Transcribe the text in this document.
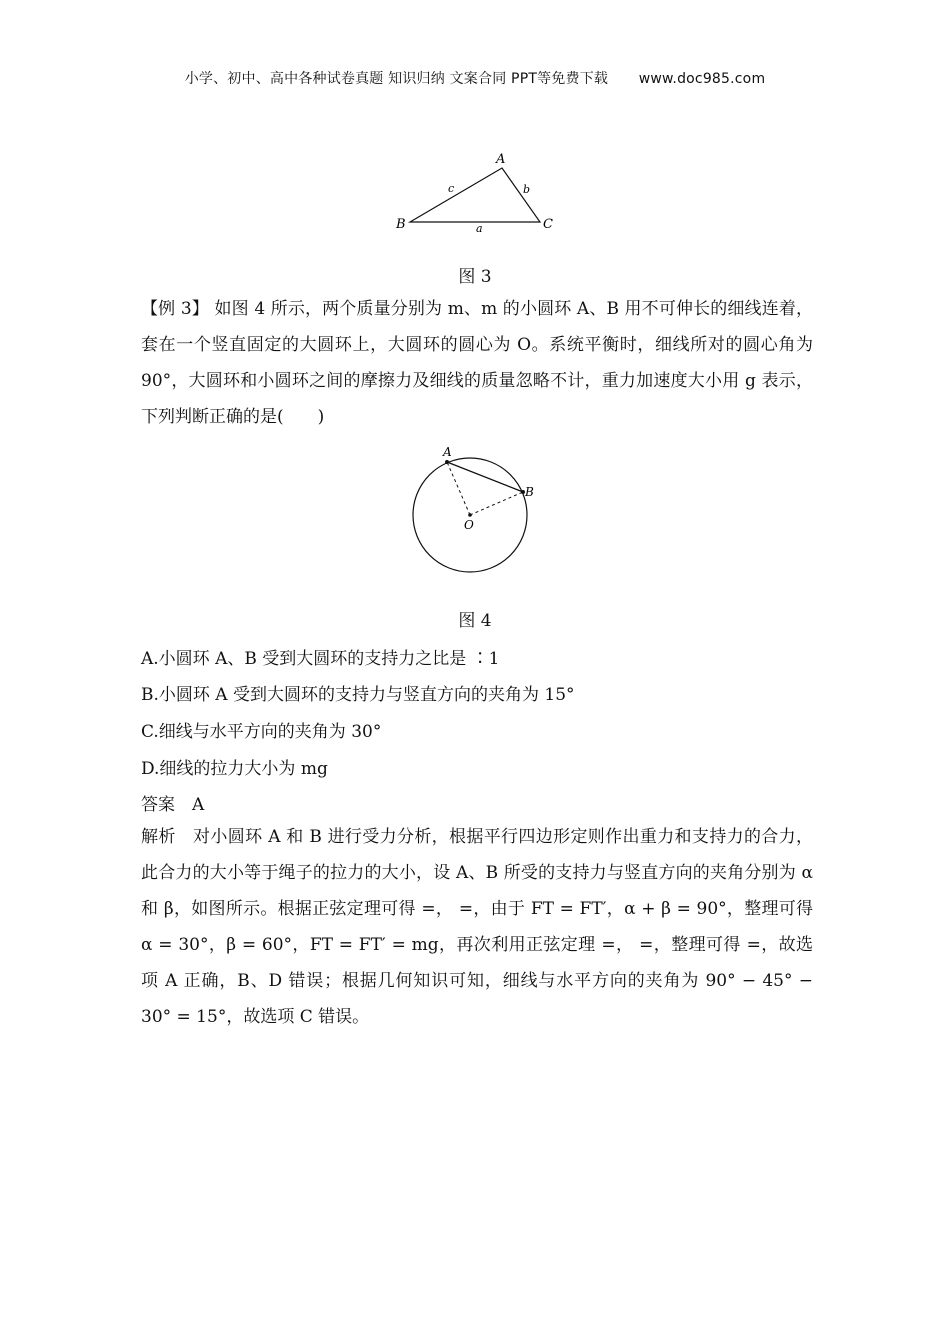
小学、初中、高中各种试卷真题 知识归纳 文案合同 PPT等免费下载 www.doc985.com
A
B	C
a
b
c
图 3
【例 3】 如图 4 所示，两个质量分别为 m、m 的小圆环 A、B 用不可伸长的细线连着，套在一个竖直固定的大圆环上，大圆环的圆心为 O。系统平衡时，细线所对的圆心角为 90°，大圆环和小圆环之间的摩擦力及细线的质量忽略不计，重力加速度大小用 g 表示，下列判断正确的是(　　)
A
B
O
图 4
A.小圆环 A、B 受到大圆环的支持力之比是 ∶1
B.小圆环 A 受到大圆环的支持力与竖直方向的夹角为 15°
C.细线与水平方向的夹角为 30°
D.细线的拉力大小为 mg
答案　A
解析　对小圆环 A 和 B 进行受力分析，根据平行四边形定则作出重力和支持力的合力，此合力的大小等于绳子的拉力的大小，设 A、B 所受的支持力与竖直方向的夹角分别为 α 和 β，如图所示。根据正弦定理可得 =， =，由于 FT = FT′，α + β = 90°，整理可得 α = 30°，β = 60°，FT = FT′ = mg，再次利用正弦定理 =， =，整理可得 =，故选项 A 正确，B、D 错误；根据几何知识可知，细线与水平方向的夹角为 90° − 45° − 30° = 15°，故选项 C 错误。
